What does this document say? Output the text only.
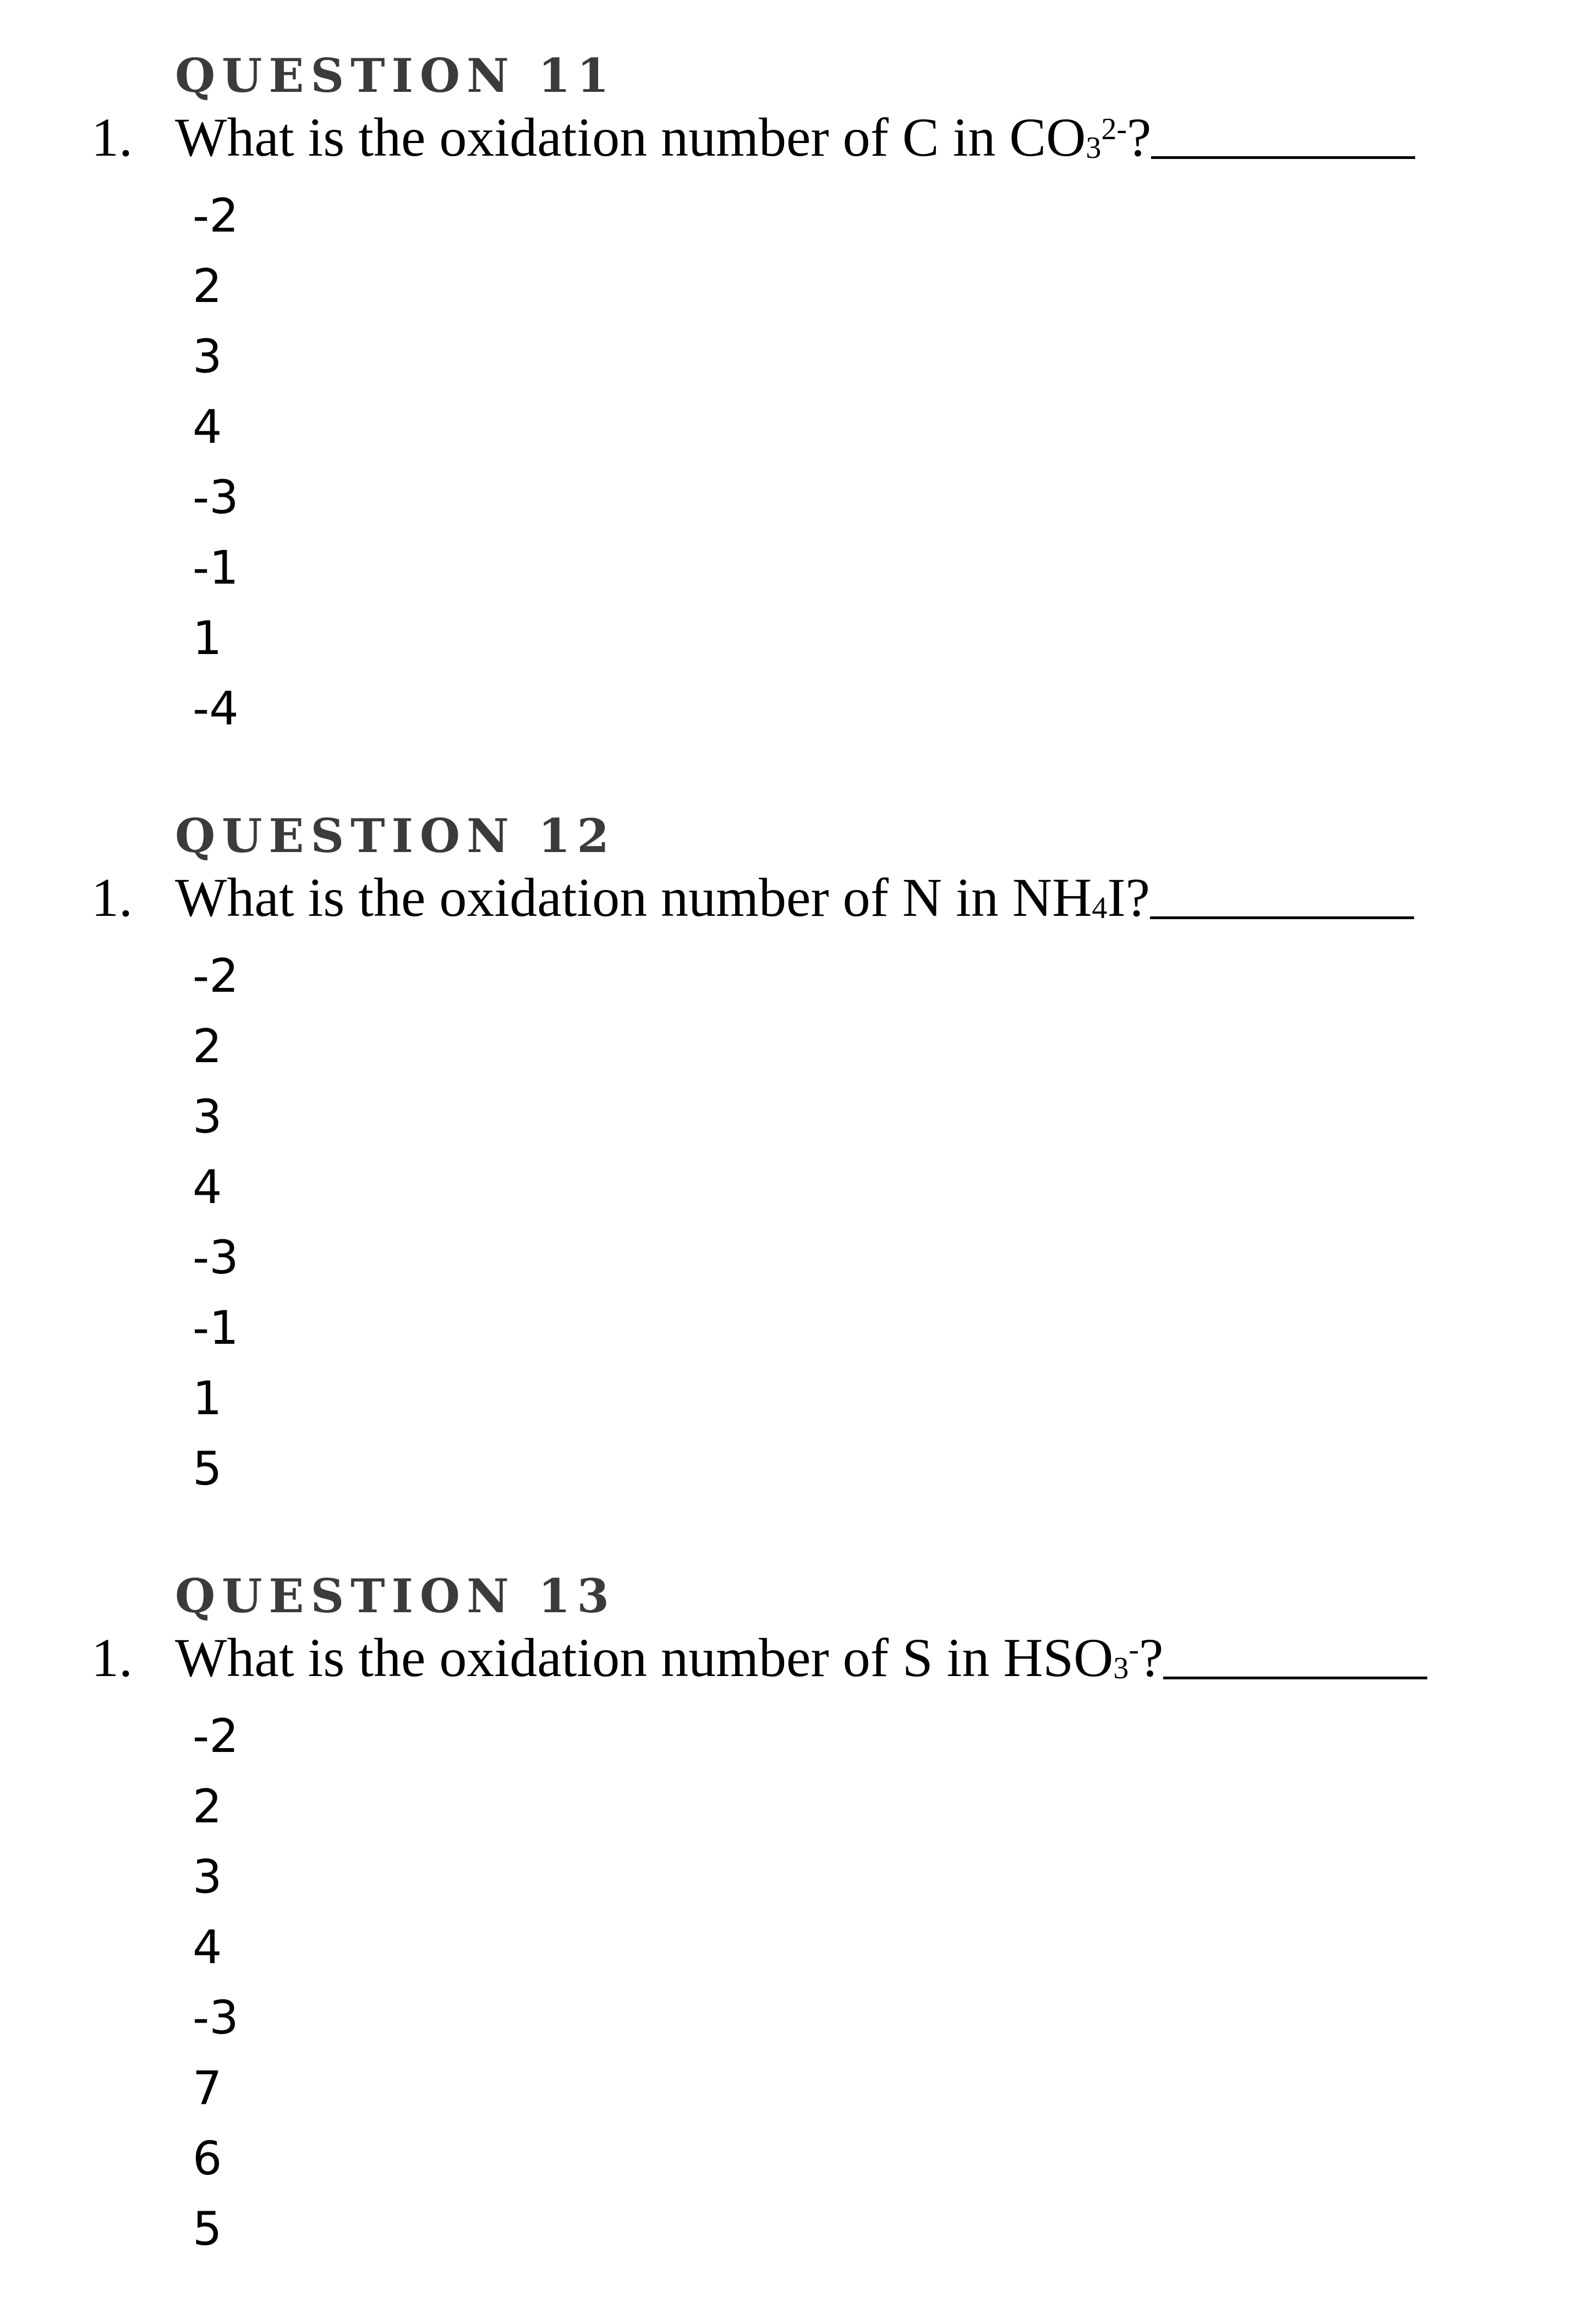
QUESTION 11
1. What is the oxidation number of C in $CO_3^{2-}$?
-2
2
3
4
-3
-1
1
-4
QUESTION 12
1. What is the oxidation number of N in $NH_4I$?
-2
2
3
4
-3
-1
1
5
QUESTION 13
1. What is the oxidation number of S in $HSO_3^-$?
-2
2
3
4
-3
7
6
5
